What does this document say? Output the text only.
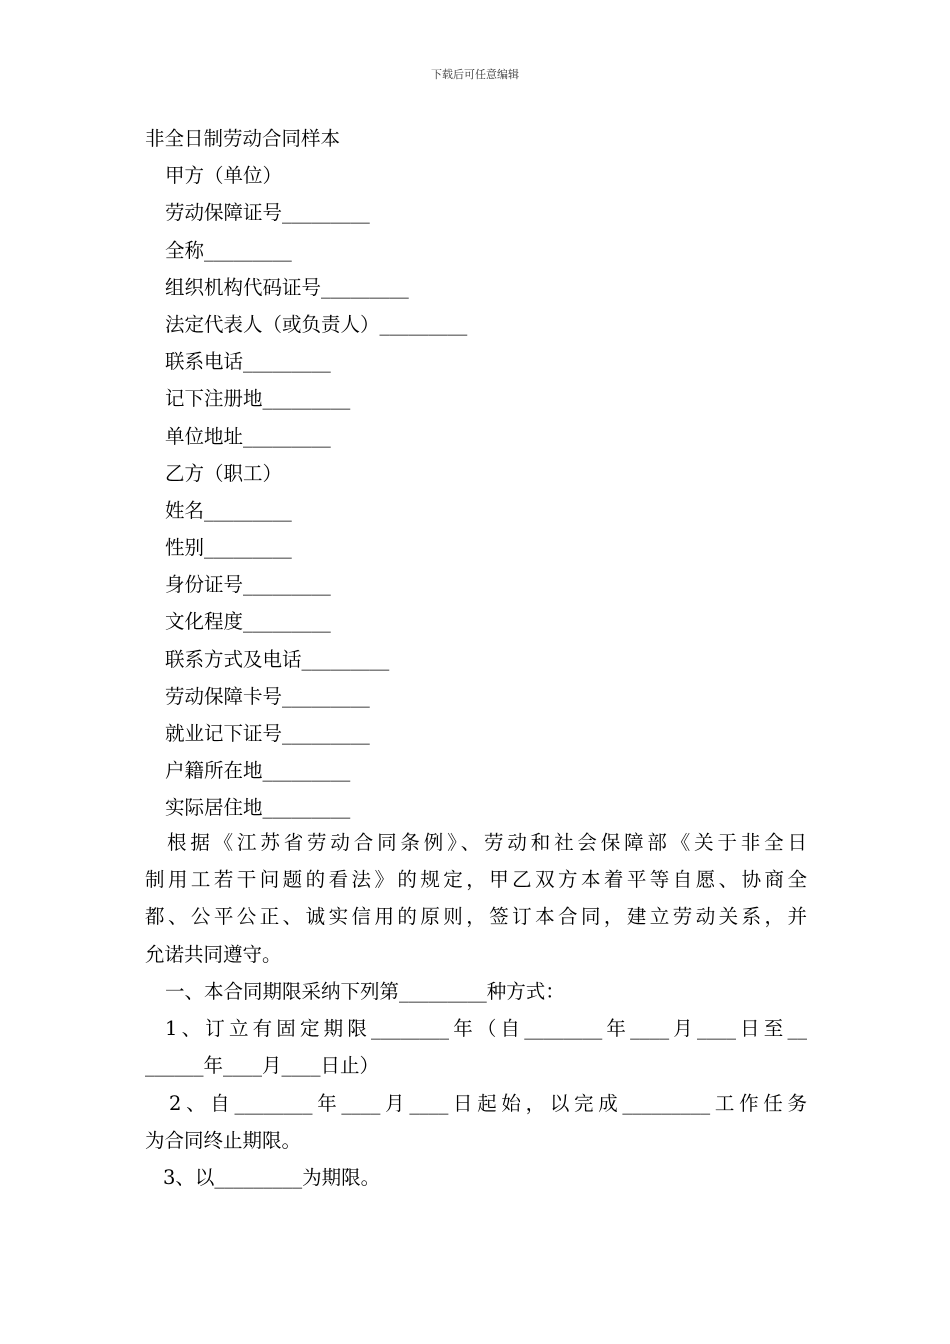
下载后可任意编辑
非全日制劳动合同样本
甲方（单位）
劳动保障证号_________
全称_________
组织机构代码证号_________
法定代表人（或负责人）_________
联系电话_________
记下注册地_________
单位地址_________
乙方（职工）
姓名_________
性别_________
身份证号_________
文化程度_________
联系方式及电话_________
劳动保障卡号_________
就业记下证号_________
户籍所在地_________
实际居住地_________
根据《江苏省劳动合同条例》、劳动和社会保障部《关于非全日
制用工若干问题的看法》的规定，甲乙双方本着平等自愿、协商全
都、公平公正、诚实信用的原则，签订本合同，建立劳动关系，并
允诺共同遵守。
一、本合同期限采纳下列第_________种方式：
1、订立有固定期限________年（自________年____月____日至__
______年____月____日止）
2、自________年____月____日起始，以完成_________工作任务
为合同终止期限。
3、以_________为期限。
